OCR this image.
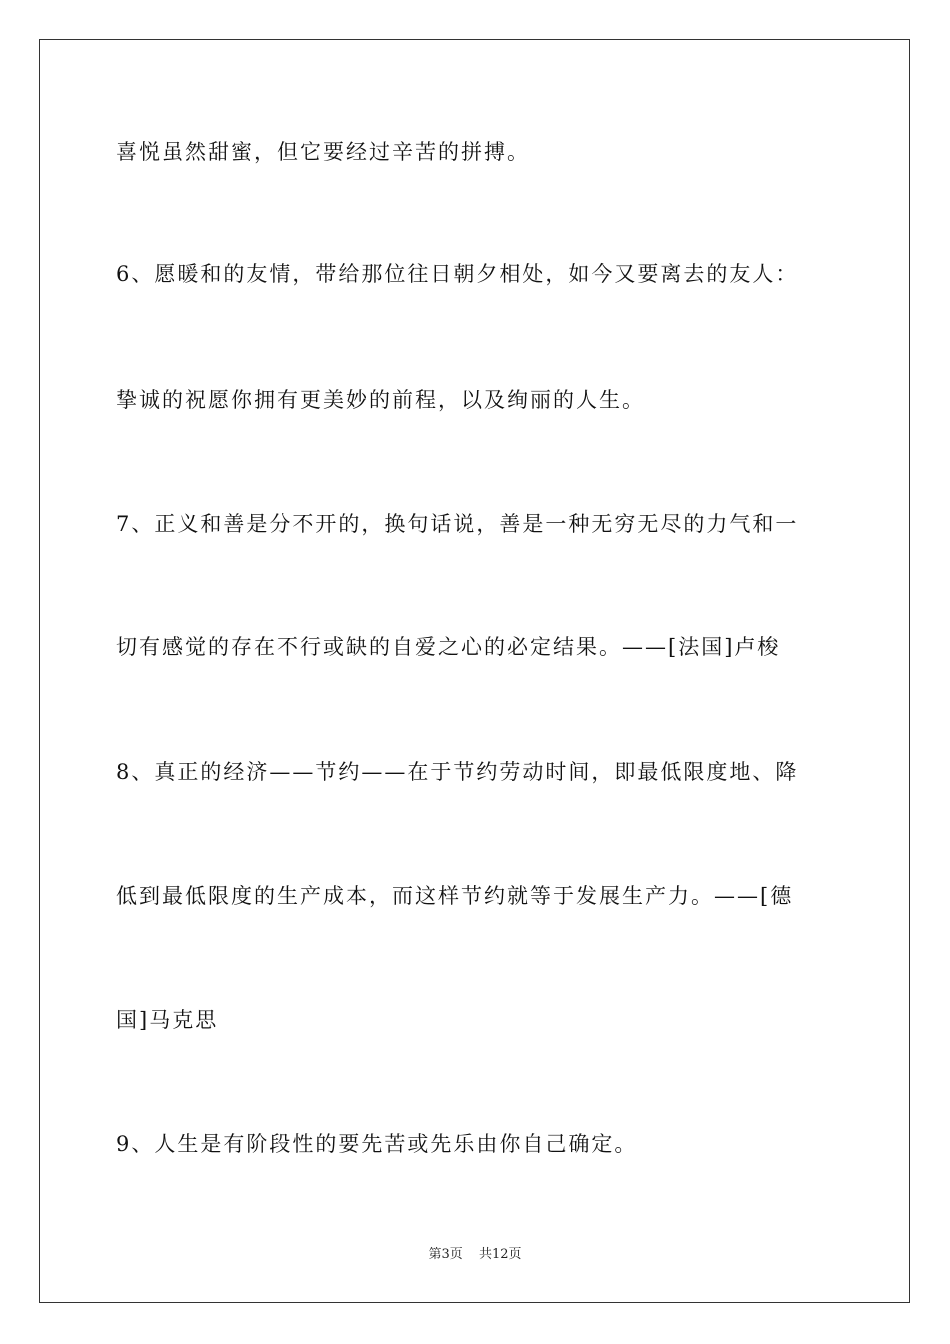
喜悦虽然甜蜜，但它要经过辛苦的拼搏。
6、愿暖和的友情，带给那位往日朝夕相处，如今又要离去的友人：
挚诚的祝愿你拥有更美妙的前程，以及绚丽的人生。
7、正义和善是分不开的，换句话说，善是一种无穷无尽的力气和一
切有感觉的存在不行或缺的自爱之心的必定结果。——[法国]卢梭
8、真正的经济——节约——在于节约劳动时间，即最低限度地、降
低到最低限度的生产成本，而这样节约就等于发展生产力。——[德
国]马克思
9、人生是有阶段性的要先苦或先乐由你自己确定。
第3页 共12页
